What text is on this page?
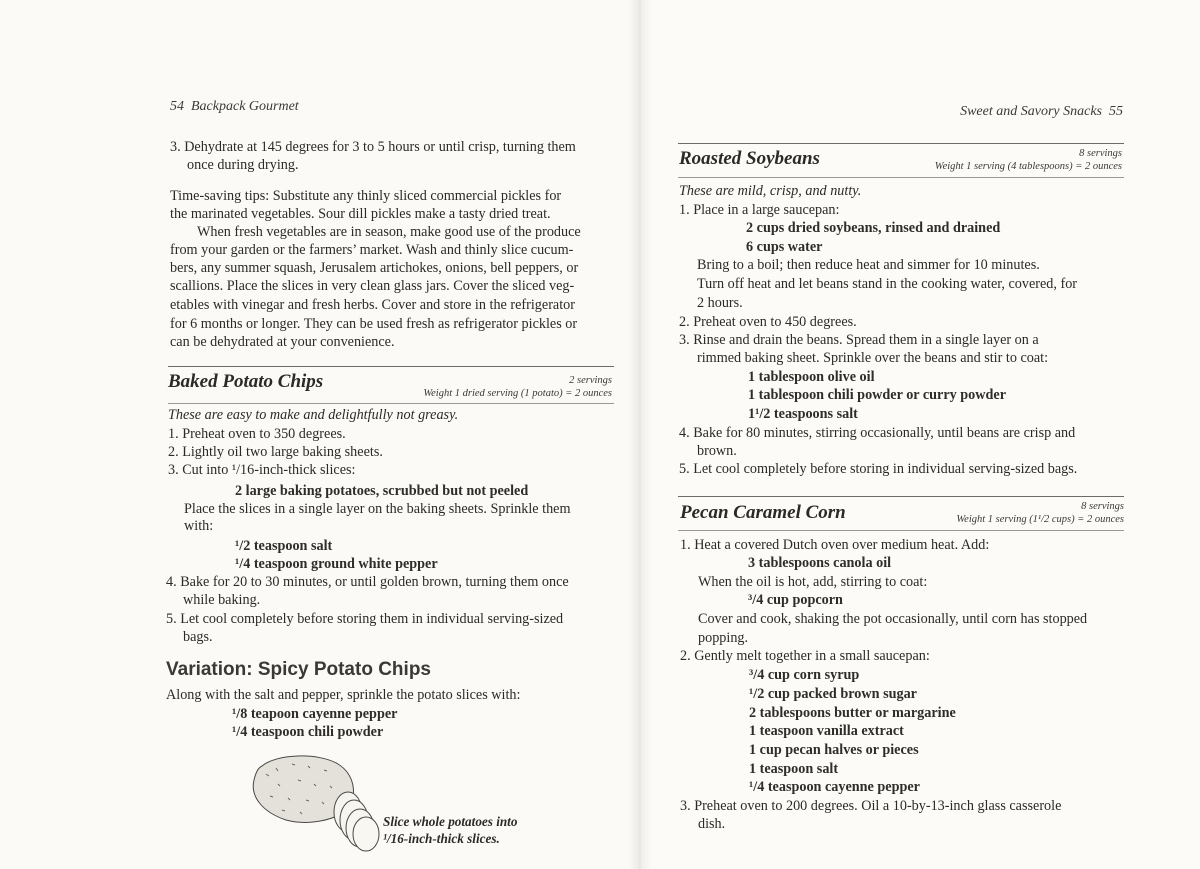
54 Backpack Gourmet
3. Dehydrate at 145 degrees for 3 to 5 hours or until crisp, turning them
once during drying.
Time-saving tips: Substitute any thinly sliced commercial pickles for
the marinated vegetables. Sour dill pickles make a tasty dried treat.
When fresh vegetables are in season, make good use of the produce
from your garden or the farmers’ market. Wash and thinly slice cucum-
bers, any summer squash, Jerusalem artichokes, onions, bell peppers, or
scallions. Place the slices in very clean glass jars. Cover the sliced veg-
etables with vinegar and fresh herbs. Cover and store in the refrigerator
for 6 months or longer. They can be used fresh as refrigerator pickles or
can be dehydrated at your convenience.
Baked Potato Chips	2 servings
Weight 1 dried serving (1 potato) = 2 ounces
These are easy to make and delightfully not greasy.
1. Preheat oven to 350 degrees.
2. Lightly oil two large baking sheets.
3. Cut into ¹/16-inch-thick slices:
2 large baking potatoes, scrubbed but not peeled
Place the slices in a single layer on the baking sheets. Sprinkle them
with:
¹/2 teaspoon salt
¹/4 teaspoon ground white pepper
4. Bake for 20 to 30 minutes, or until golden brown, turning them once
while baking.
5. Let cool completely before storing them in individual serving-sized
bags.
Variation: Spicy Potato Chips
Along with the salt and pepper, sprinkle the potato slices with:
¹/8 teapoon cayenne pepper
¹/4 teaspoon chili powder
Slice whole potatoes into
¹/16-inch-thick slices.
Sweet and Savory Snacks 55
Roasted Soybeans	8 servings
Weight 1 serving (4 tablespoons) = 2 ounces
These are mild, crisp, and nutty.
1. Place in a large saucepan:
2 cups dried soybeans, rinsed and drained
6 cups water
Bring to a boil; then reduce heat and simmer for 10 minutes.
Turn off heat and let beans stand in the cooking water, covered, for
2 hours.
2. Preheat oven to 450 degrees.
3. Rinse and drain the beans. Spread them in a single layer on a
rimmed baking sheet. Sprinkle over the beans and stir to coat:
1 tablespoon olive oil
1 tablespoon chili powder or curry powder
1¹/2 teaspoons salt
4. Bake for 80 minutes, stirring occasionally, until beans are crisp and
brown.
5. Let cool completely before storing in individual serving-sized bags.
Pecan Caramel Corn	8 servings
Weight 1 serving (1¹/2 cups) = 2 ounces
1. Heat a covered Dutch oven over medium heat. Add:
3 tablespoons canola oil
When the oil is hot, add, stirring to coat:
³/4 cup popcorn
Cover and cook, shaking the pot occasionally, until corn has stopped
popping.
2. Gently melt together in a small saucepan:
³/4 cup corn syrup
¹/2 cup packed brown sugar
2 tablespoons butter or margarine
1 teaspoon vanilla extract
1 cup pecan halves or pieces
1 teaspoon salt
¹/4 teaspoon cayenne pepper
3. Preheat oven to 200 degrees. Oil a 10-by-13-inch glass casserole
dish.
